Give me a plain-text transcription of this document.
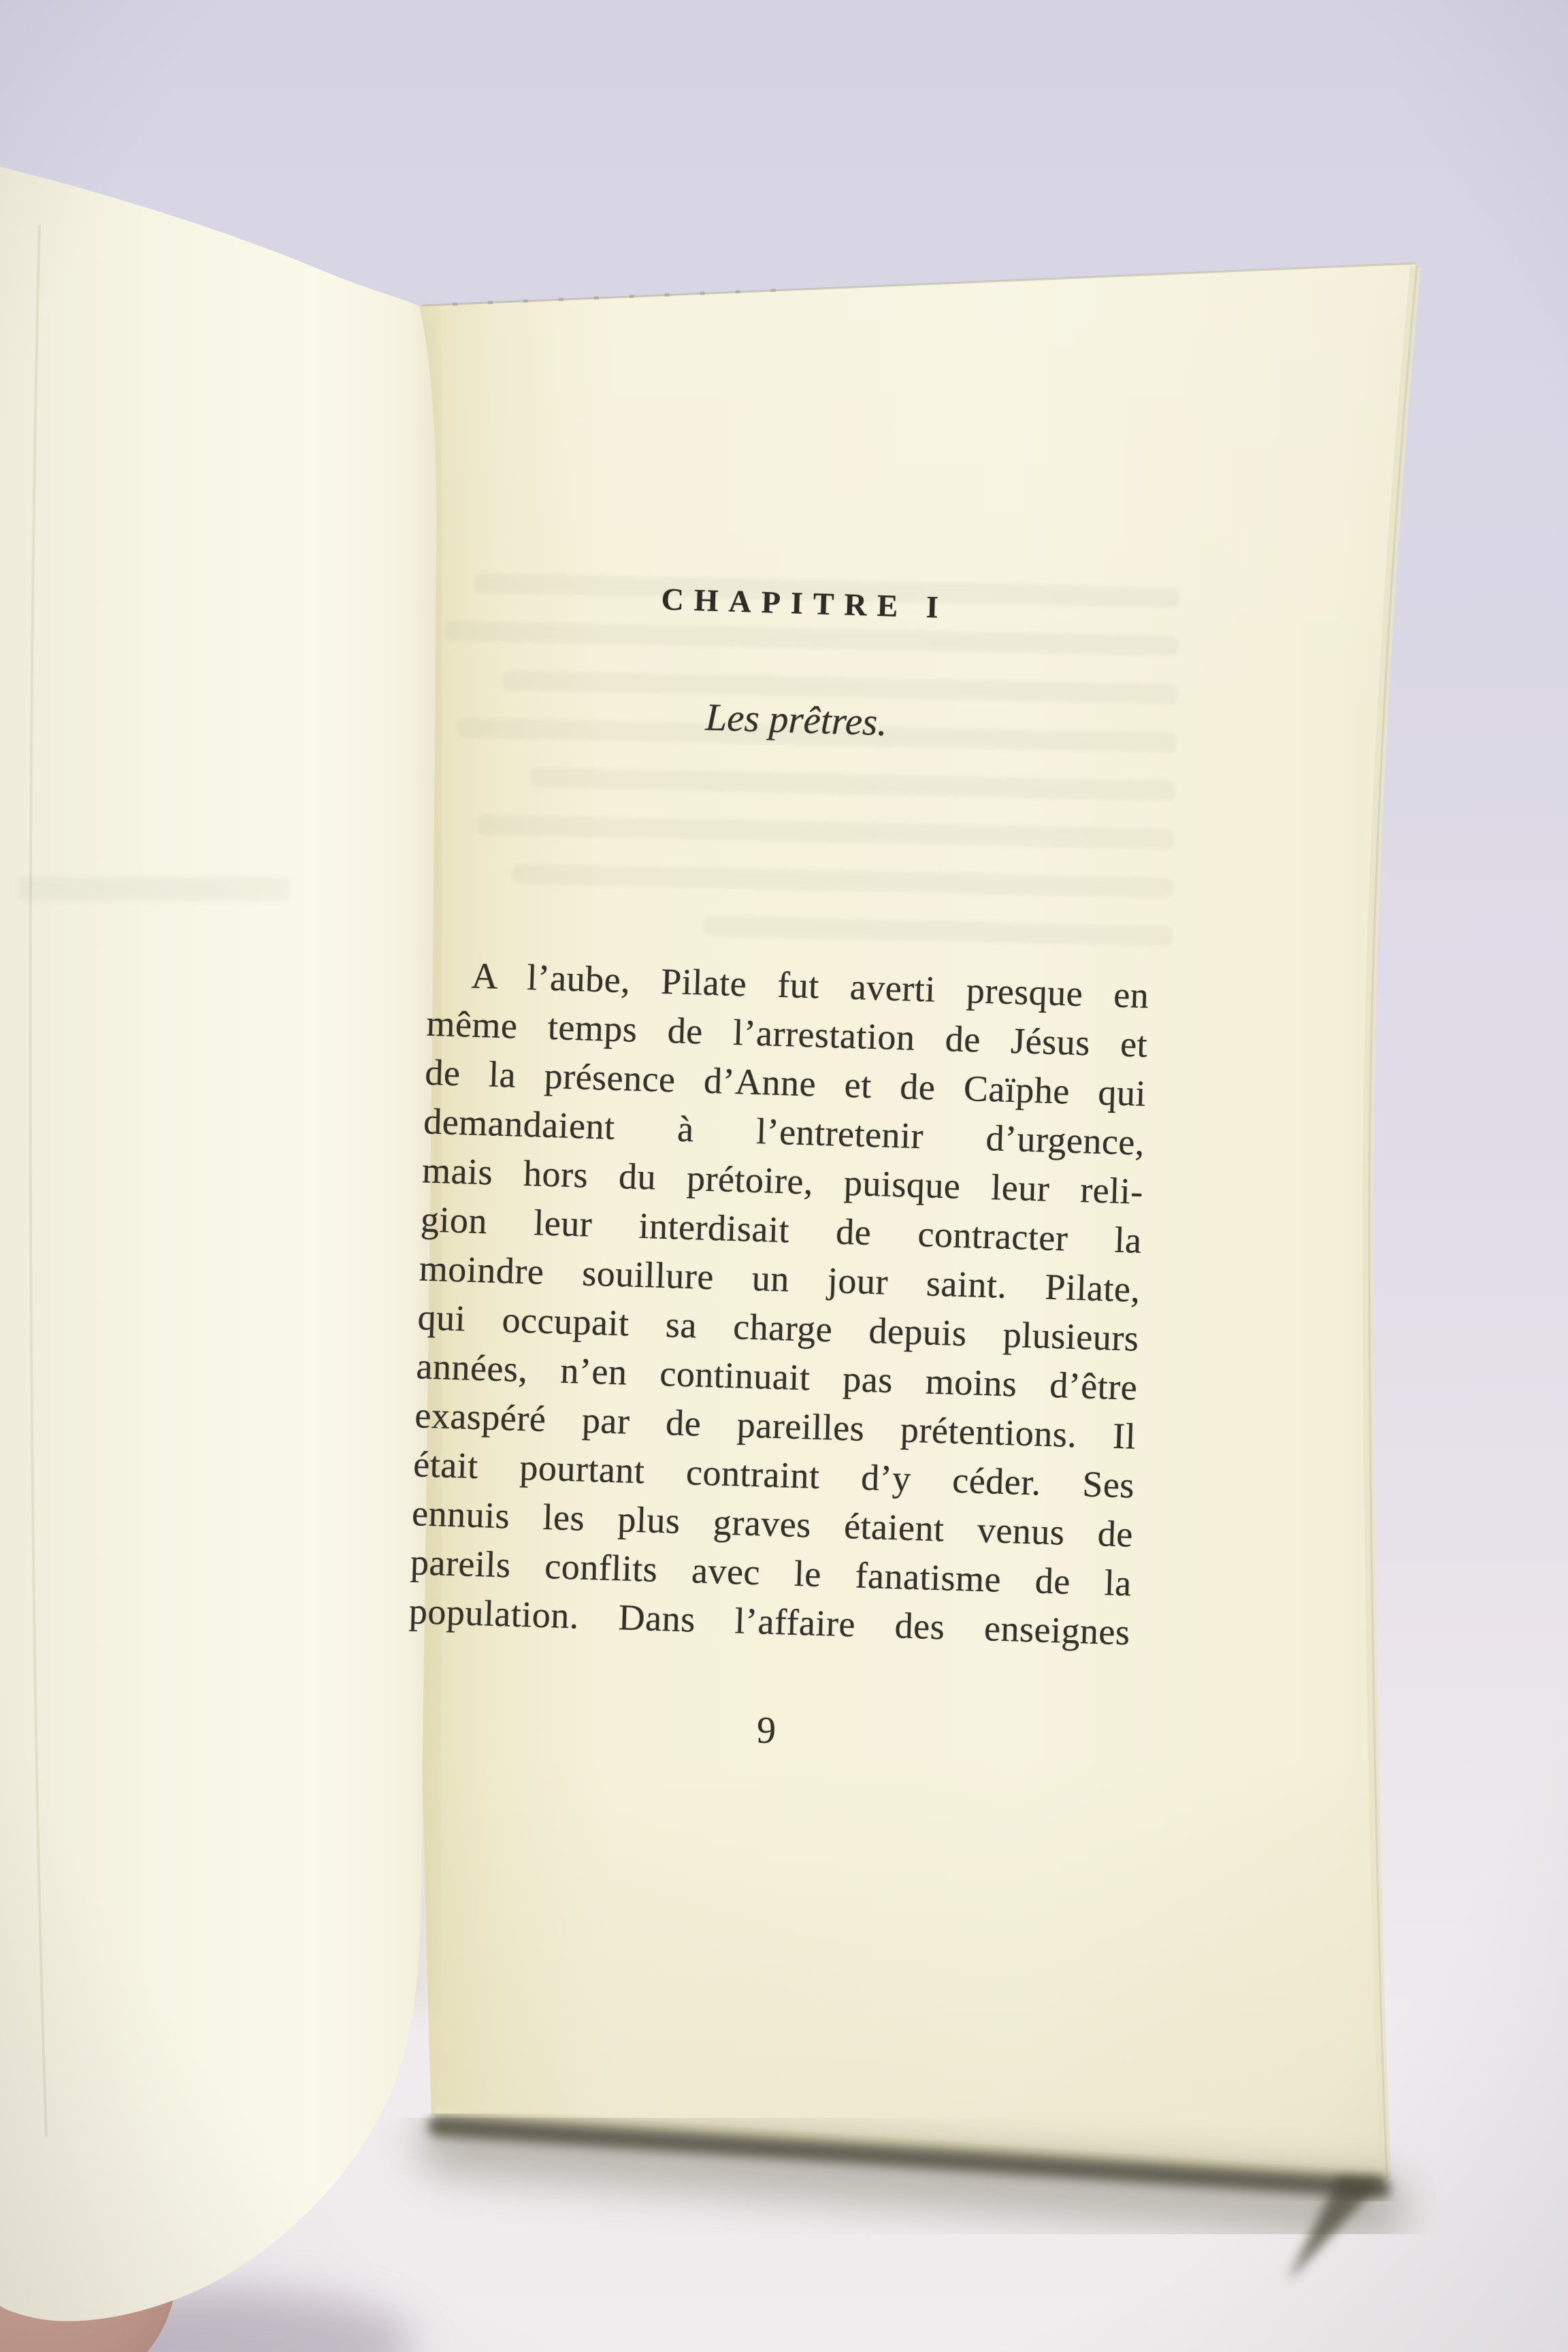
CHAPITRE I
Les prêtres.
A l’aube, Pilate fut averti presque en
même temps de l’arrestation de Jésus et
de la présence d’Anne et de Caïphe qui
demandaient à l’entretenir d’urgence,
mais hors du prétoire, puisque leur reli-
gion leur interdisait de contracter la
moindre souillure un jour saint. Pilate,
qui occupait sa charge depuis plusieurs
années, n’en continuait pas moins d’être
exaspéré par de pareilles prétentions. Il
était pourtant contraint d’y céder. Ses
ennuis les plus graves étaient venus de
pareils conflits avec le fanatisme de la
population. Dans l’affaire des enseignes
9
